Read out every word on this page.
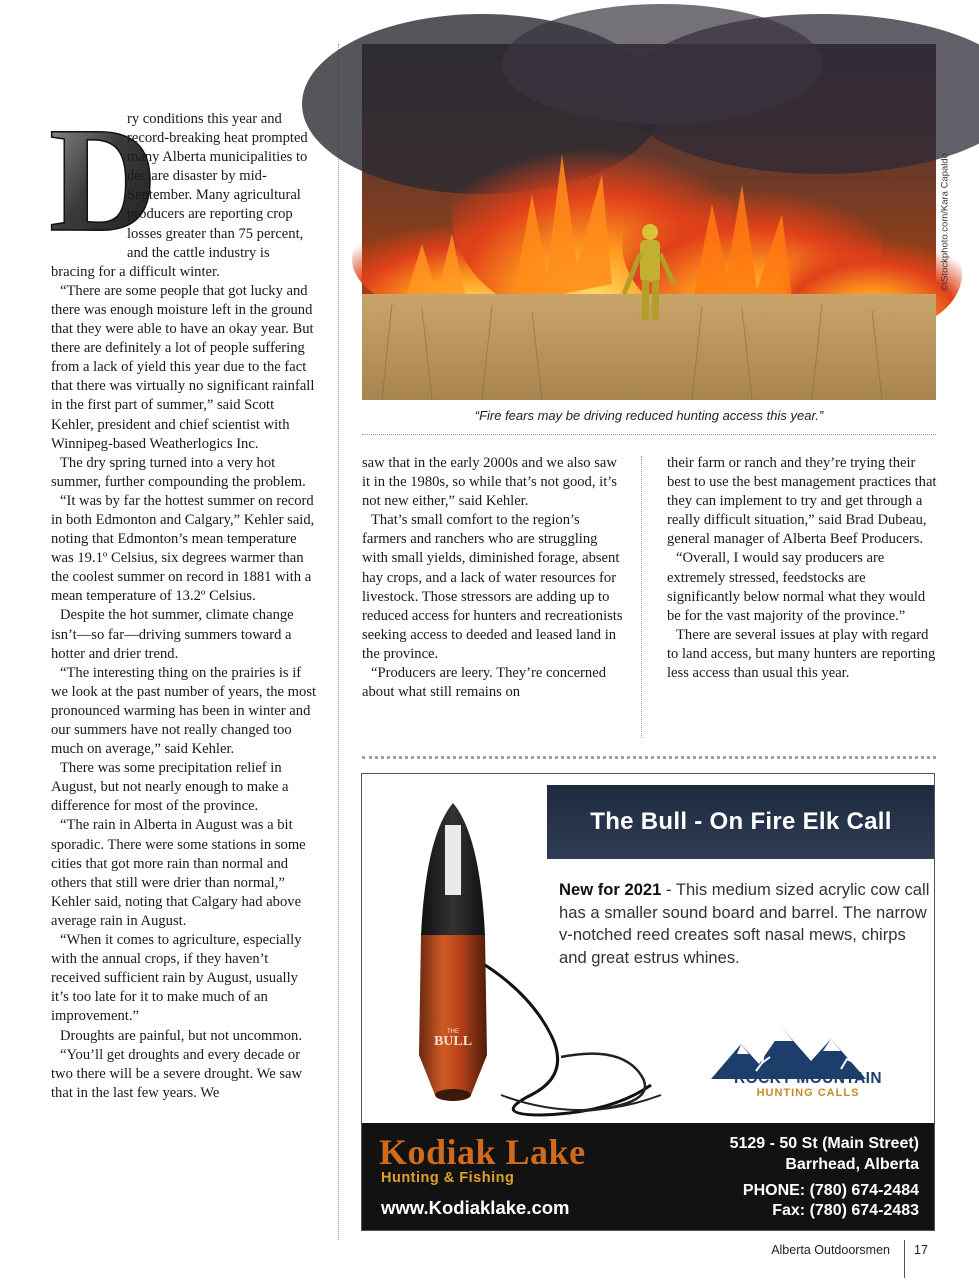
D

ry conditions this year and record-breaking heat prompted many Alberta municipalities to declare disaster by mid-September. Many agricultural producers are reporting crop losses greater than 75 percent, and the cattle industry is bracing for a difficult winter.

“There are some people that got lucky and there was enough moisture left in the ground that they were able to have an okay year. But there are definitely a lot of people suffering from a lack of yield this year due to the fact that there was virtually no significant rainfall in the first part of summer,” said Scott Kehler, president and chief scientist with Winnipeg-based Weatherlogics Inc.

The dry spring turned into a very hot summer, further compounding the problem.

“It was by far the hottest summer on record in both Edmonton and Calgary,” Kehler said, noting that Edmonton’s mean temperature was 19.1º Celsius, six degrees warmer than the coolest summer on record in 1881 with a mean temperature of 13.2º Celsius.

Despite the hot summer, climate change isn’t—so far—driving summers toward a hotter and drier trend.

“The interesting thing on the prairies is if we look at the past number of years, the most pronounced warming has been in winter and our summers have not really changed too much on average,” said Kehler.

There was some precipitation relief in August, but not nearly enough to make a difference for most of the province.

“The rain in Alberta in August was a bit sporadic. There were some stations in some cities that got more rain than normal and others that still were drier than normal,” Kehler said, noting that Calgary had above average rain in August.

“When it comes to agriculture, especially with the annual crops, if they haven’t received sufficient rain by August, usually it’s too late for it to make much of an improvement.”

Droughts are painful, but not uncommon.

“You’ll get droughts and every decade or two there will be a severe drought. We saw that in the last few years. We

©iStockphoto.com/Kara Capaldo
“Fire fears may be driving reduced hunting access this year.”

saw that in the early 2000s and we also saw it in the 1980s, so while that’s not good, it’s not new either,” said Kehler.

That’s small comfort to the region’s farmers and ranchers who are struggling with small yields, diminished forage, absent hay crops, and a lack of water resources for livestock. Those stressors are adding up to reduced access for hunters and recreationists seeking access to deeded and leased land in the province.

“Producers are leery. They’re concerned about what still remains on

their farm or ranch and they’re trying their best to use the best management practices that they can implement to try and get through a really difficult situation,” said Brad Dubeau, general manager of Alberta Beef Producers.

“Overall, I would say producers are extremely stressed, feedstocks are significantly below normal what they would be for the vast majority of the province.”

There are several issues at play with regard to land access, but many hunters are reporting less access than usual this year.

The Bull - On Fire Elk Call
THE
BULL
New for 2021 - This medium sized acrylic cow call has a smaller sound board and barrel. The narrow v-notched reed creates soft nasal mews, chirps and great estrus whines.
ROCKY MOUNTAIN
HUNTING CALLS
Kodiak Lake
Hunting & Fishing
www.Kodiaklake.com
5129 - 50 St (Main Street)
Barrhead, Alberta
PHONE: (780) 674-2484
Fax: (780) 674-2483
Alberta Outdoorsmen 17
